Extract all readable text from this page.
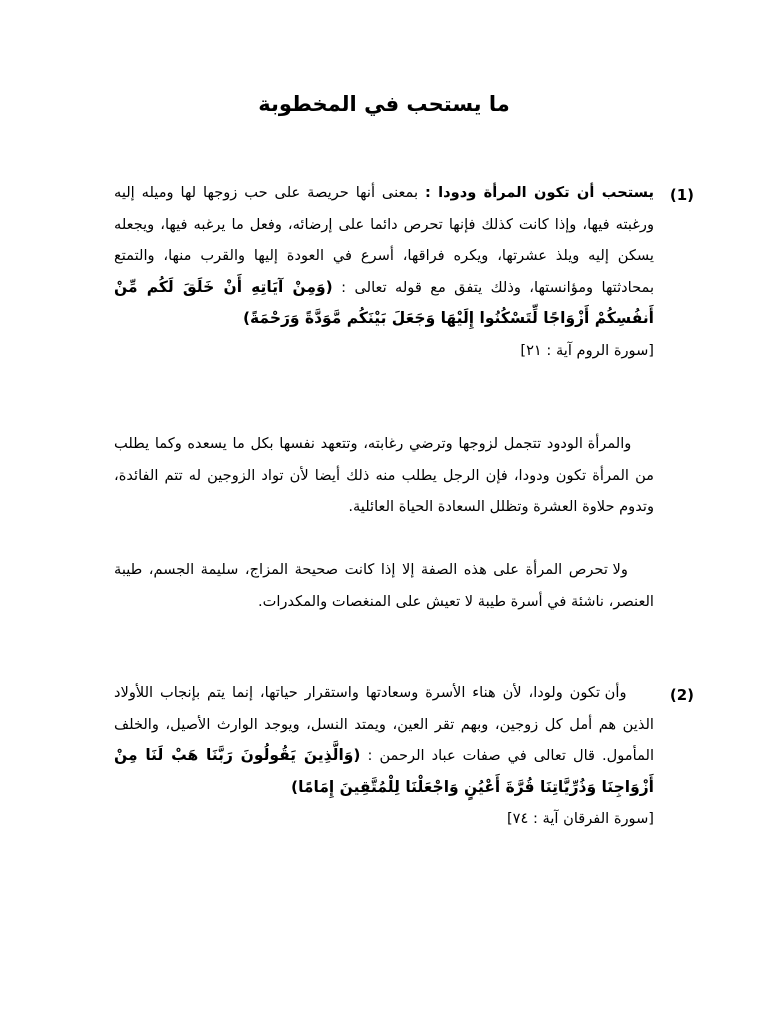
ما يستحب في المخطوبة
(1)

يستحب أن تكون المرأة ودودا : بمعنى أنها حريصة على حب زوجها لها وميله إليه ورغبته فيها، وإذا كانت كذلك فإنها تحرص دائما على إرضائه، وفعل ما يرغبه فيها، ويجعله يسكن إليه ويلذ عشرتها، ويكره فراقها، أسرع في العودة إليها والقرب منها، والتمتع بمحادثتها ومؤانستها، وذلك يتفق مع قوله تعالى : (وَمِنْ آيَاتِهِ أَنْ خَلَقَ لَكُم مِّنْ أَنفُسِكُمْ أَزْوَاجًا لِّتَسْكُنُوا إِلَيْهَا وَجَعَلَ بَيْنَكُم مَّوَدَّةً وَرَحْمَةً)
[سورة الروم آية : ٢١]

والمرأة الودود تتجمل لزوجها وترضي رغابته، وتتعهد نفسها بكل ما يسعده وكما يطلب من المرأة تكون ودودا، فإن الرجل يطلب منه ذلك أيضا لأن تواد الزوجين له تتم الفائدة، وتدوم حلاوة العشرة وتظلل السعادة الحياة العائلية.

ولا تحرص المرأة على هذه الصفة إلا إذا كانت صحيحة المزاج، سليمة الجسم، طيبة العنصر، ناشئة في أسرة طيبة لا تعيش على المنغصات والمكدرات.

(2)

وأن تكون ولودا، لأن هناء الأسرة وسعادتها واستقرار حياتها، إنما يتم بإنجاب اللأولاد الذين هم أمل كل زوجين، وبهم تقر العين، ويمتد النسل، ويوجد الوارث الأصيل، والخلف المأمول. قال تعالى في صفات عباد الرحمن : (وَالَّذِينَ يَقُولُونَ رَبَّنَا هَبْ لَنَا مِنْ أَزْوَاجِنَا وَذُرِّيَّاتِنَا قُرَّةَ أَعْيُنٍ وَاجْعَلْنَا لِلْمُتَّقِينَ إِمَامًا)
[سورة الفرقان آية : ٧٤]
